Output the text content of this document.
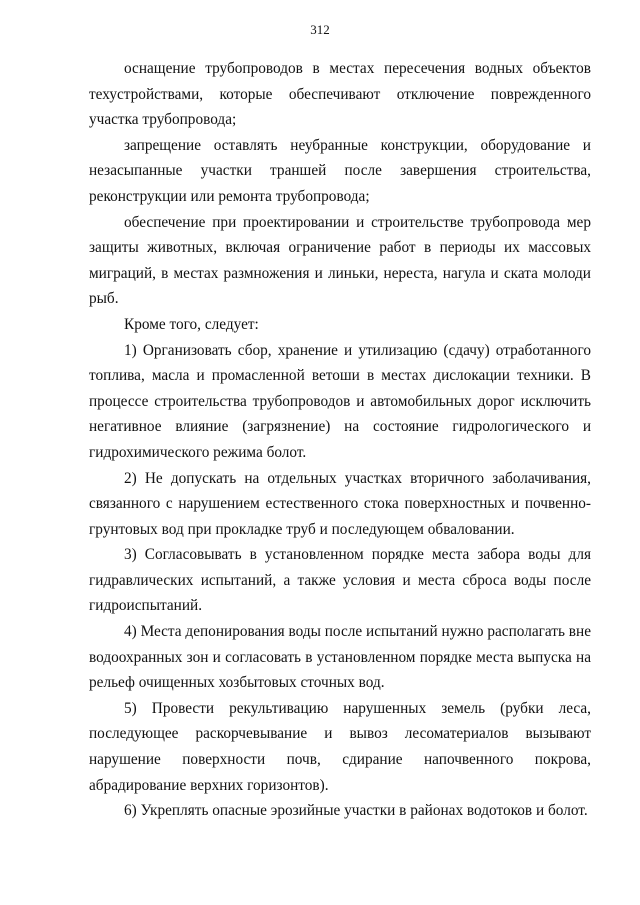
312

оснащение трубопроводов в местах пересечения водных объектов техустройствами, которые обеспечивают отключение поврежденного участка трубопровода;

запрещение оставлять неубранные конструкции, оборудование и незасыпанные участки траншей после завершения строительства, реконструкции или ремонта трубопровода;

обеспечение при проектировании и строительстве трубопровода мер защиты животных, включая ограничение работ в периоды их массовых миграций, в местах размножения и линьки, нереста, нагула и ската молоди рыб.

Кроме того, следует:

1) Организовать сбор, хранение и утилизацию (сдачу) отработанного топлива, масла и промасленной ветоши в местах дислокации техники. В процессе строительства трубопроводов и автомобильных дорог исключить негативное влияние (загрязнение) на состояние гидрологического и гидрохимического режима болот.

2) Не допускать на отдельных участках вторичного заболачивания, связанного с нарушением естественного стока поверхностных и почвенно-грунтовых вод при прокладке труб и последующем обваловании.

3) Согласовывать в установленном порядке места забора воды для гидравлических испытаний, а также условия и места сброса воды после гидроиспытаний.

4) Места депонирования воды после испытаний нужно располагать вне водоохранных зон и согласовать в установленном порядке места выпуска на рельеф очищенных хозбытовых сточных вод.

5) Провести рекультивацию нарушенных земель (рубки леса, последующее раскорчевывание и вывоз лесоматериалов вызывают нарушение поверхности почв, сдирание напочвенного покрова, абрадирование верхних горизонтов).

6) Укреплять опасные эрозийные участки в районах водотоков и болот.
